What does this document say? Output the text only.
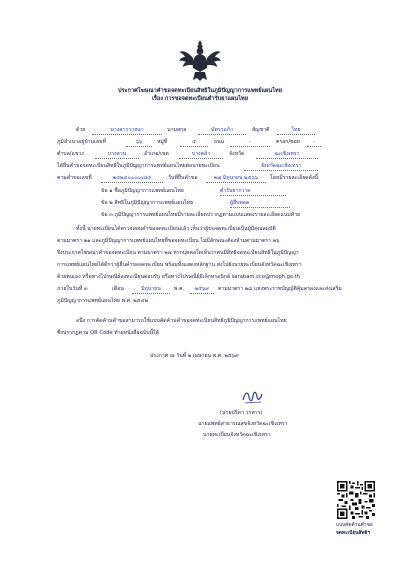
ประกาศโฆษณาคำขอจดทะเบียนสิทธิในภูมิปัญญาการแพทย์แผนไทย
เรื่อง การขอจดทะเบียนตำรับยาแผนไทย
ด้วย	นางสาววาสนา	นามสกุล	มัตรวแก้ว	สัญชาติ	ไทย
ภูมิลำเนาอยู่บ้านเลขที่	๖๖	หมู่ที่	๕	ถนน	-	ตรอก/ซอย	-
ตำบล/แขวง	บางสวน	อำเภอ/เขต	บางคล้า	จังหวัด	ฉะเชิงเทรา
ได้ยื่นคำขอจดทะเบียนสิทธิในภูมิปัญญาการแพทย์แผนไทยต่อนายทะเบียน	จังหวัดฉะเชิงเทรา
ตามคำขอเลขที่	๒๔๒๔๐๐๐๐๐๘๔	วันที่ยื่นคำขอ	๒๗ มิถุนายน ๒๕๖๖	โดยมีรายละเอียดดังนี้
ข้อ ๑ ชื่อภูมิปัญญาการแพทย์แผนไทย	ตำรับยากวาด
ข้อ ๒ สิทธิในภูมิปัญญาการแพทย์แผนไทย	ผู้สืบทอด
ข้อ ๓ ภูมิปัญญาการแพทย์แผนไทยมีรายละเอียดปรากฏตามแบบแสดงรายละเอียดแนบท้าย
ทั้งนี้ นายทะเบียนได้ตรวจสอบคำขอจดทะเบียนแล้ว เห็นว่าผู้ขอจดทะเบียนเป็นผู้มีคุณสมบัติ
ตามมาตรา ๒๑ และภูมิปัญญาการแพทย์แผนไทยที่ขอจดทะเบียน ไม่มีลักษณะต้องห้ามตามมาตรา ๒๖
จึงประกาศโฆษณาคำขอจดทะเบียน ตามมาตรา ๒๗ หากบุคคลใดเห็นว่าตนมีสิทธิจดทะเบียนสิทธิในภูมิปัญญา
การแพทย์แผนไทยได้ดีกว่าผู้ยื่นคำขอจดทะเบียน พร้อมทั้งแสดงหลักฐาน ส่งไปยังนายทะเบียนจังหวัดฉะเชิงเทรา
ด้วยตนเอง หรือทางไปรษณีย์ลงทะเบียนตอบรับ หรือทางไปรษณีย์อิเล็กทรอนิกส์ sarabam.cco@moph.go.th
ภายในวันที่ ๓	เดือน	มิถุนายน	พ.ศ.	๒๕๖๙	ตามมาตรา ๒๘ แห่งพระราชบัญญัติคุ้มครองและส่งเสริม
ภูมิปัญญาการแพทย์แผนไทย พ.ศ. ๒๕๔๒
อนึ่ง การคัดค้านคำขอสามารถใช้แบบคัดค้านคำขอจดทะเบียนสิทธิภูมิปัญญาการแพทย์แผนไทย
ซึ่งปรากฏตาม QR Code ท้ายหนังสือฉบับนี้ได้
ประกาศ ณ วันที่ ๒ เมษายน พ.ศ. ๒๕๖๙
(นายปรีดา วรหาร)
นายแพทย์สาธารณสุขจังหวัดฉะเชิงเทรา
นายทะเบียนจังหวัดฉะเชิงเทรา
แบบคัดค้านคำขอ
จดทะเบียนสิทธิฯ
